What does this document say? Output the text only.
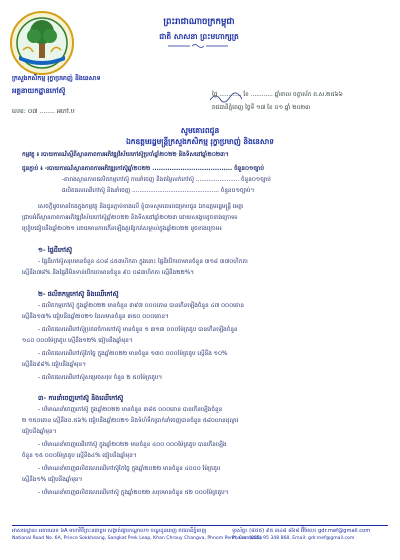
ព្រះរាជាណាចក្រកម្ពុជា
ជាតិ សាសនា ព្រះមហាក្សត្រ
ក្រសួងកសិកម្ម រុក្ខាប្រមាញ់ និងនេសាទ
អគ្គនាយកដ្ឋានកៅស៊ូ
លេខ: ០៧ ........ អកៅ.ប
ថ្ងៃ ............ ខែ ............ ឆ្នាំខាល ចត្វាស័ក ព.ស.២៥៦៦
រាជធានីភ្នំពេញ ថ្ងៃទី ១៧ ខែ ០១ ឆ្នាំ ២០២៣
សូមគោរពជូន
ឯកឧត្តមរដ្ឋមន្ត្រីក្រសួងកសិកម្ម រុក្ខាប្រមាញ់ និងនេសាទ
កម្មវត្ថុ ៖ របាយការណ៍ស្តីពីស្ថានភាពការអភិវឌ្ឍវិស័យកៅស៊ូប្រចាំឆ្នាំ២០២២ និងទិសដៅឆ្នាំ២០២៣។
ជូនភ្ជាប់ ៖ -របាយការណ៍ស្ថានភាពការអភិវឌ្ឍកៅស៊ូឆ្នាំ២០២២ ..................................... ចំនួន០១ច្បាប់
-តារាងស្ថានភាពផលិតកម្មកៅស៊ូ ការនាំចេញ និងតម្លៃលក់កៅស៊ូ ........................ ចំនួន០១ច្បាប់
ផលិតផលឈើកៅស៊ូ និងនាំចេញ ................................................ ចំនួន០១ច្បាប់។
សេចក្តីដូចមានចែងក្នុងកម្មវត្ថុ និងជូនភ្ជាប់ខាងលើ ខ្ញុំបាទសូមគោរពជម្រាបជូន ឯកឧត្តមរដ្ឋមន្ត្រី មេត្តា
ជ្រាបអំពីស្ថានភាពការអភិវឌ្ឍវិស័យកៅស៊ូឆ្នាំ២០២២ និងទិសដៅឆ្នាំ២០២៣ ដោយសង្ខេបដូចខាងក្រោម៖
ប្រៀបធៀបនឹងឆ្នាំ២០២១ ដោយមានការកើនឡើងគួរឱ្យកត់សម្គាល់ក្នុងឆ្នាំ២០២២ ដូចខាងក្រោម៖
១- ផ្ទៃដីកៅស៊ូ
- ផ្ទៃដីកៅស៊ូសរុបមានចំនួន ៤០៨ ៤៥៣ហិកតា ក្នុងនោះ ផ្ទៃដីបើកចោមានចំនួន ៣១៨ ៣៧០ហិកតា
ស្មើនឹង៧៨% និងផ្ទៃដីមិនទាន់បើកចោមានចំនួន ៩០ ០៨៣ហិកតា ស្មើនឹង២២%។
២- ផលិតកម្មកៅស៊ូ និងឈើកៅស៊ូ
- ផលិតកម្មកៅស៊ូ ក្នុងឆ្នាំ២០២២ មានចំនួន ៣៩៧ ០០០តោន បានកើនឡើងចំនួន ៤៧ ០០០តោន
ស្មើនឹង១៣% ធៀបនឹងឆ្នាំ២០២១ ដែលមានចំនួន ៣៥០ ០០០តោន។
- ផលិតផលឈើកៅស៊ូប្រភពចំការកៅស៊ូ មានចំនួន ១ ៣១៣ ០០០ម៉ែត្រគូប បានកើនឡើងចំនួន
១៤០ ០០០ម៉ែត្រគូប ស្មើនឹង១២% ធៀបនឹងឆ្នាំមុន។
- ផលិតផលឈើកៅស៊ូកែច្នៃ ក្នុងឆ្នាំ២០២២ មានចំនួន ១៣០ ០០០ម៉ែត្រគូប ស្មើនឹង ១០%
ស្មើនឹង៩៨% ធៀបនឹងឆ្នាំមុន។
- ផលិតផលឈើកៅស៊ូសម្រេចសរុប ចំនួន ២ ៥០ម៉ែត្រគូប។
៣- ការនាំចេញកៅស៊ូ និងឈើកៅស៊ូ
- បរិមាណនាំចេញកៅស៊ូ ក្នុងឆ្នាំ២០២២ មានចំនួន ៣៨៥ ០០០តោន បានកើនឡើងចំនួន
២ ១៥០តោន ស្មើនឹង០.៥៦% ធៀបនឹងឆ្នាំ២០២១ និងទំហំទឹកប្រាក់នាំចេញបានចំនួន ៥៨០លានដុល្លារ
ធៀបនឹងឆ្នាំមុន។
- បរិមាណនាំចេញឈើកៅស៊ូ ក្នុងឆ្នាំ២០២២ មានចំនួន ៤០០ ០០០ម៉ែត្រគូប បានកើនឡើង
ចំនួន ១៥ ០០០ម៉ែត្រគូប ស្មើនឹង៤% ធៀបនឹងឆ្នាំមុន។
- បរិមាណនាំចេញផលិតផលឈើកៅស៊ូកែច្នៃ ក្នុងឆ្នាំ២០២២ មានចំនួន ៤០០០ ម៉ែត្រគូប
ស្មើនឹង១% ធៀបនឹងឆ្នាំមុន។
- បរិមាណនាំចេញផលិតផលឈើកៅស៊ូ ក្នុងឆ្នាំ២០២២ សរុបមានចំនួន ៥២ ០០០ម៉ែត្រគូប។
អាសយដ្ឋាន៖ អគារលេខ ៦A មហាវិថីព្រះនរោត្តម សង្កាត់ផ្សារកណ្តាល១ ខណ្ឌដូនពេញ រាជធានីភ្នំពេញ
National Road No. 6A, Prince Sokkheang, Sangkat Prek Leap, Khan Chrouy Changva, Phnom Penh, Cambodia
ទូរស័ព្ទ៖ (៨៥៥) ៩៥ ៣៤៨ ៨៦៨ អ៊ីមែល៖ gdr.mef@gmail.com
Phone: (855) 95 348 868, Email: gdr.mef@gmail.com
